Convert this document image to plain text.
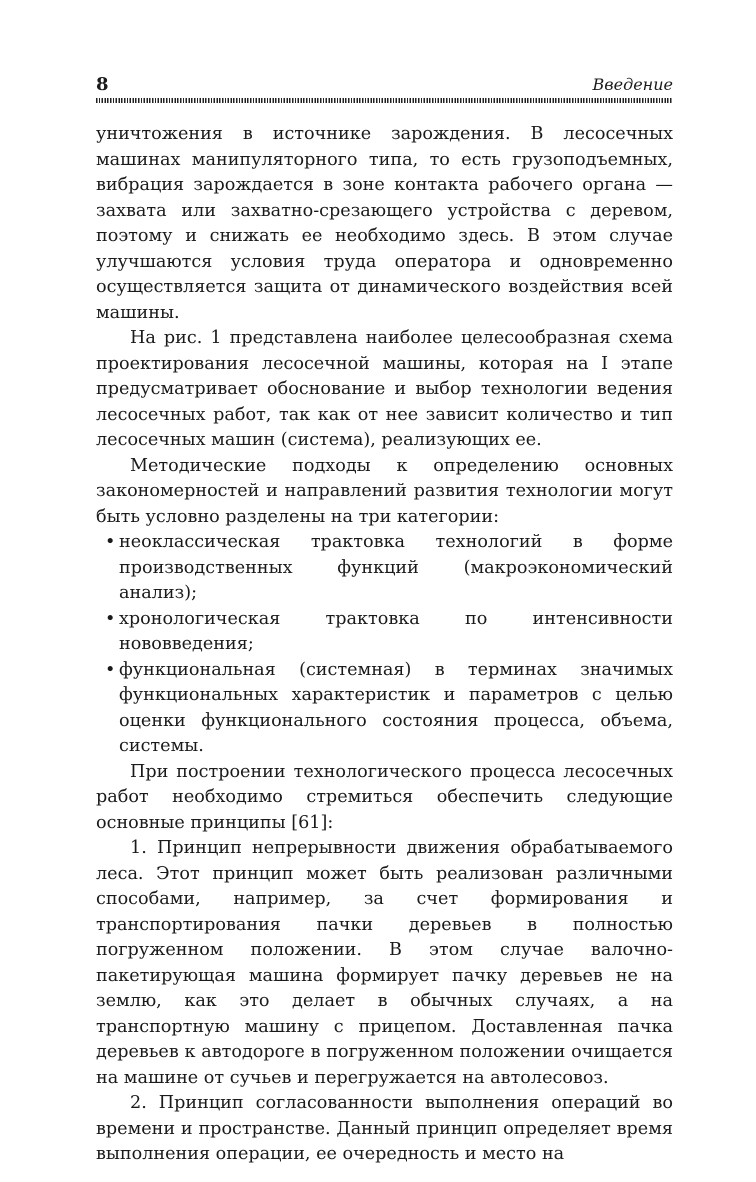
8	Введение

уничтожения в источнике зарождения. В лесосечных машинах манипуляторного типа, то есть грузоподъемных, вибрация зарождается в зоне контакта рабочего органа — захвата или захватно-срезающего устройства с деревом, поэтому и снижать ее необходимо здесь. В этом случае улучшаются условия труда оператора и одновременно осуществляется защита от динамического воздействия всей машины.

На рис. 1 представлена наиболее целесообразная схема проектирования лесосечной машины, которая на I этапе предусматривает обоснование и выбор технологии ведения лесосечных работ, так как от нее зависит количество и тип лесосечных машин (система), реализующих ее.

Методические подходы к определению основных закономерностей и направлений развития технологии могут быть условно разделены на три категории:

• неоклассическая трактовка технологий в форме производственных функций (макроэкономический анализ);
• хронологическая трактовка по интенсивности нововведения;
• функциональная (системная) в терминах значимых функциональных характеристик и параметров с целью оценки функционального состояния процесса, объема, системы.

При построении технологического процесса лесосечных работ необходимо стремиться обеспечить следующие основные принципы [61]:

1. Принцип непрерывности движения обрабатываемого леса. Этот принцип может быть реализован различными способами, например, за счет формирования и транспортирования пачки деревьев в полностью погруженном положении. В этом случае валочно-пакетирующая машина формирует пачку деревьев не на землю, как это делает в обычных случаях, а на транспортную машину с прицепом. Доставленная пачка деревьев к автодороге в погруженном положении очищается на машине от сучьев и перегружается на автолесовоз.

2. Принцип согласованности выполнения операций во времени и пространстве. Данный принцип определяет время выполнения операции, ее очередность и место на
